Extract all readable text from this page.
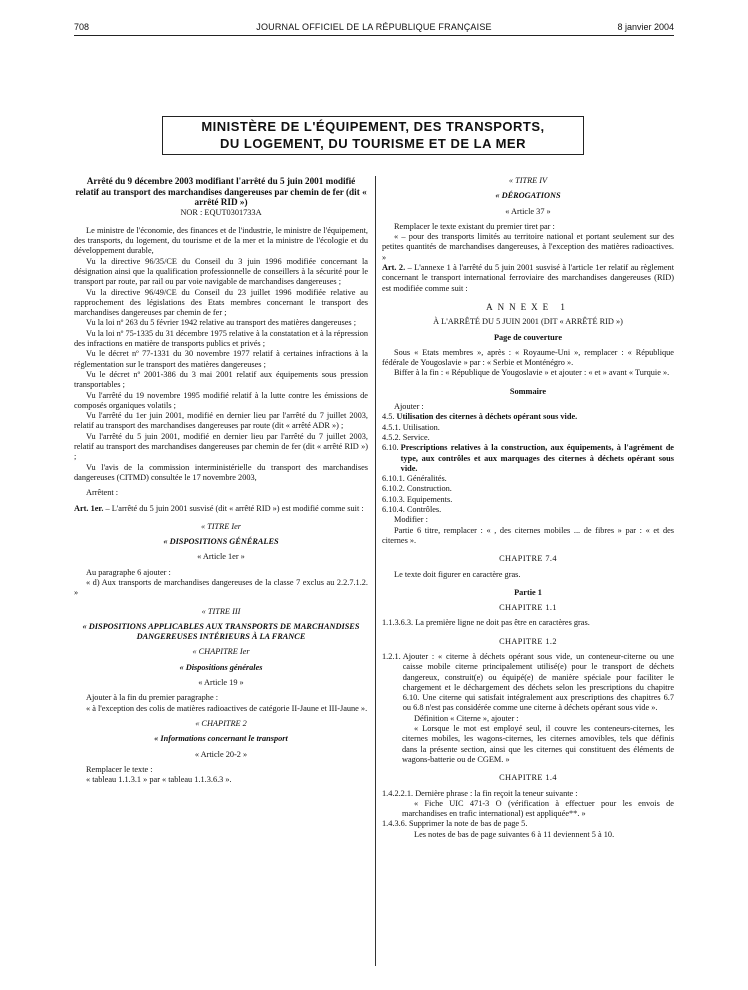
708	JOURNAL OFFICIEL DE LA RÉPUBLIQUE FRANÇAISE	8 janvier 2004
MINISTÈRE DE L'ÉQUIPEMENT, DES TRANSPORTS,
DU LOGEMENT, DU TOURISME ET DE LA MER

Arrêté du 9 décembre 2003 modifiant l'arrêté du 5 juin 2001 modifié relatif au transport des marchandises dangereuses par chemin de fer (dit « arrêté RID »)

NOR : EQUT0301733A

Le ministre de l'économie, des finances et de l'industrie, le ministre de l'équipement, des transports, du logement, du tourisme et de la mer et la ministre de l'écologie et du développement durable,

Vu la directive 96/35/CE du Conseil du 3 juin 1996 modifiée concernant la désignation ainsi que la qualification professionnelle de conseillers à la sécurité pour le transport par route, par rail ou par voie navigable de marchandises dangereuses ;

Vu la directive 96/49/CE du Conseil du 23 juillet 1996 modifiée relative au rapprochement des législations des Etats membres concernant le transport des marchandises dangereuses par chemin de fer ;

Vu la loi nº 263 du 5 février 1942 relative au transport des matières dangereuses ;

Vu la loi nº 75-1335 du 31 décembre 1975 relative à la constatation et à la répression des infractions en matière de transports publics et privés ;

Vu le décret nº 77-1331 du 30 novembre 1977 relatif à certaines infractions à la réglementation sur le transport des matières dangereuses ;

Vu le décret nº 2001-386 du 3 mai 2001 relatif aux équipements sous pression transportables ;

Vu l'arrêté du 19 novembre 1995 modifié relatif à la lutte contre les émissions de composés organiques volatils ;

Vu l'arrêté du 1er juin 2001, modifié en dernier lieu par l'arrêté du 7 juillet 2003, relatif au transport des marchandises dangereuses par route (dit « arrêté ADR ») ;

Vu l'arrêté du 5 juin 2001, modifié en dernier lieu par l'arrêté du 7 juillet 2003, relatif au transport des marchandises dangereuses par chemin de fer (dit « arrêté RID ») ;

Vu l'avis de la commission interministérielle du transport des marchandises dangereuses (CITMD) consultée le 17 novembre 2003,

Arrêtent :

Art. 1er. – L'arrêté du 5 juin 2001 susvisé (dit « arrêté RID ») est modifié comme suit :

« TITRE Ier

« DISPOSITIONS GÉNÉRALES

« Article 1er »

Au paragraphe 6 ajouter :

« d) Aux transports de marchandises dangereuses de la classe 7 exclus au 2.2.7.1.2. »

« TITRE III

« DISPOSITIONS APPLICABLES AUX TRANSPORTS DE MARCHANDISES DANGEREUSES INTÉRIEURS À LA FRANCE

« CHAPITRE Ier

« Dispositions générales

« Article 19 »

Ajouter à la fin du premier paragraphe :

« à l'exception des colis de matières radioactives de catégorie II-Jaune et III-Jaune ».

« CHAPITRE 2

« Informations concernant le transport

« Article 20-2 »

Remplacer le texte :

« tableau 1.1.3.1 » par « tableau 1.1.3.6.3 ».

« TITRE IV

« DÉROGATIONS

« Article 37 »

Remplacer le texte existant du premier tiret par :

« – pour des transports limités au territoire national et portant seulement sur des petites quantités de marchandises dangereuses, à l'exception des matières radioactives. »

Art. 2. – L'annexe 1 à l'arrêté du 5 juin 2001 susvisé à l'article 1er relatif au règlement concernant le transport international ferroviaire des marchandises dangereuses (RID) est modifiée comme suit :

ANNEXE 1

À L'ARRÊTÉ DU 5 JUIN 2001 (DIT « ARRÊTÉ RID »)

Page de couverture

Sous « Etats membres », après : « Royaume-Uni », remplacer : « République fédérale de Yougoslavie » par : « Serbie et Monténégro ».

Biffer à la fin : « République de Yougoslavie » et ajouter : « et » avant « Turquie ».

Sommaire

Ajouter :

4.5. Utilisation des citernes à déchets opérant sous vide.
4.5.1. Utilisation.
4.5.2. Service.
6.10. Prescriptions relatives à la construction, aux équipements, à l'agrément de type, aux contrôles et aux marquages des citernes à déchets opérant sous vide.
6.10.1. Généralités.
6.10.2. Construction.
6.10.3. Equipements.
6.10.4. Contrôles.

Modifier :

Partie 6 titre, remplacer : « , des citernes mobiles ... de fibres » par : « et des citernes ».

CHAPITRE 7.4

Le texte doit figurer en caractère gras.

Partie 1

CHAPITRE 1.1

1.1.3.6.3. La première ligne ne doit pas être en caractères gras.

CHAPITRE 1.2

1.2.1. Ajouter : « citerne à déchets opérant sous vide, un conteneur-citerne ou une caisse mobile citerne principalement utilisé(e) pour le transport de déchets dangereux, construit(e) ou équipé(e) de manière spéciale pour faciliter le chargement et le déchargement des déchets selon les prescriptions du chapitre 6.10. Une citerne qui satisfait intégralement aux prescriptions des chapitres 6.7 ou 6.8 n'est pas considérée comme une citerne à déchets opérant sous vide ».

Définition « Citerne », ajouter :

« Lorsque le mot est employé seul, il couvre les conteneurs-citernes, les citernes mobiles, les wagons-citernes, les citernes amovibles, tels que définis dans la présente section, ainsi que les citernes qui constituent des éléments de wagons-batterie ou de CGEM. »

CHAPITRE 1.4

1.4.2.2.1. Dernière phrase : la fin reçoit la teneur suivante :

« Fiche UIC 471-3 O (vérification à effectuer pour les envois de marchandises en trafic international) est appliquée**. »

1.4.3.6. Supprimer la note de bas de page 5.

Les notes de bas de page suivantes 6 à 11 deviennent 5 à 10.
